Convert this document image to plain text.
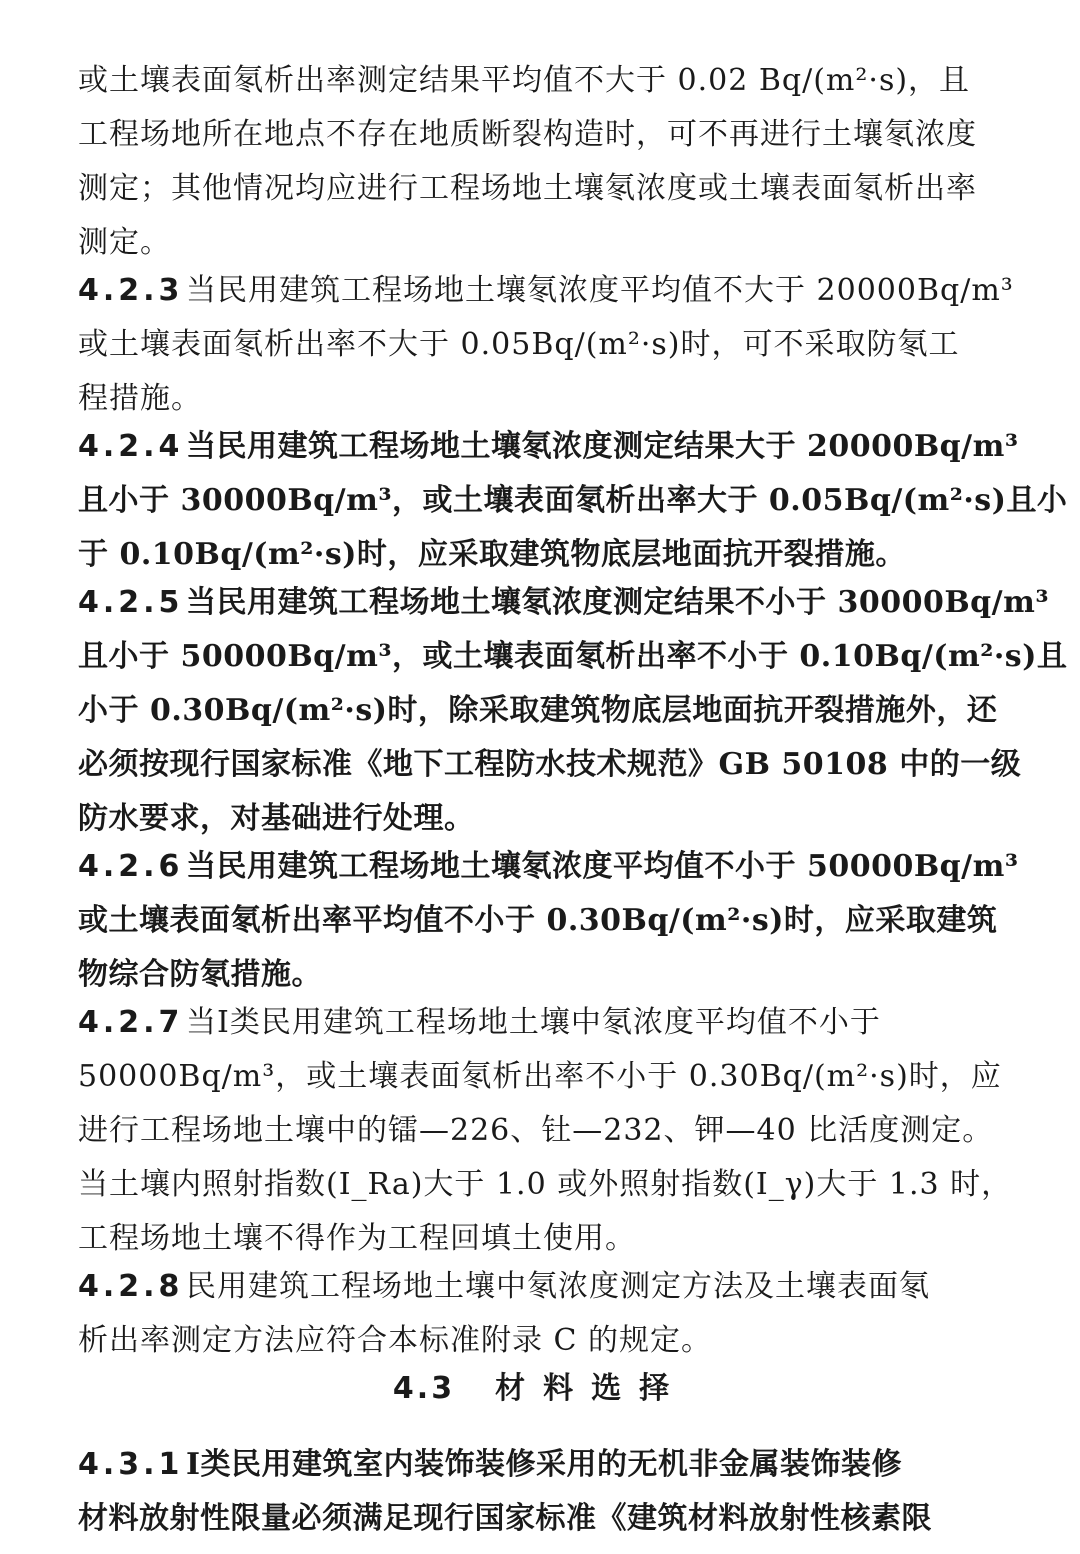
或土壤表面氡析出率测定结果平均值不大于 0.02 Bq/(m²·s)，且
工程场地所在地点不存在地质断裂构造时，可不再进行土壤氡浓度
测定；其他情况均应进行工程场地土壤氡浓度或土壤表面氡析出率
测定。
4.2.3当民用建筑工程场地土壤氡浓度平均值不大于 20000Bq/m³
或土壤表面氡析出率不大于 0.05Bq/(m²·s)时，可不采取防氡工
程措施。
4.2.4当民用建筑工程场地土壤氡浓度测定结果大于 20000Bq/m³
且小于 30000Bq/m³，或土壤表面氡析出率大于 0.05Bq/(m²·s)且小
于 0.10Bq/(m²·s)时，应采取建筑物底层地面抗开裂措施。
4.2.5当民用建筑工程场地土壤氡浓度测定结果不小于 30000Bq/m³
且小于 50000Bq/m³，或土壤表面氡析出率不小于 0.10Bq/(m²·s)且
小于 0.30Bq/(m²·s)时，除采取建筑物底层地面抗开裂措施外，还
必须按现行国家标准《地下工程防水技术规范》GB 50108 中的一级
防水要求，对基础进行处理。
4.2.6当民用建筑工程场地土壤氡浓度平均值不小于 50000Bq/m³
或土壤表面氡析出率平均值不小于 0.30Bq/(m²·s)时，应采取建筑
物综合防氡措施。
4.2.7当Ⅰ类民用建筑工程场地土壤中氡浓度平均值不小于
50000Bq/m³，或土壤表面氡析出率不小于 0.30Bq/(m²·s)时，应
进行工程场地土壤中的镭—226、钍—232、钾—40 比活度测定。
当土壤内照射指数(I_Ra)大于 1.0 或外照射指数(I_γ)大于 1.3 时，
工程场地土壤不得作为工程回填土使用。
4.2.8民用建筑工程场地土壤中氡浓度测定方法及土壤表面氡
析出率测定方法应符合本标准附录 C 的规定。
4.3 材料选择
4.3.1Ⅰ类民用建筑室内装饰装修采用的无机非金属装饰装修
材料放射性限量必须满足现行国家标准《建筑材料放射性核素限
